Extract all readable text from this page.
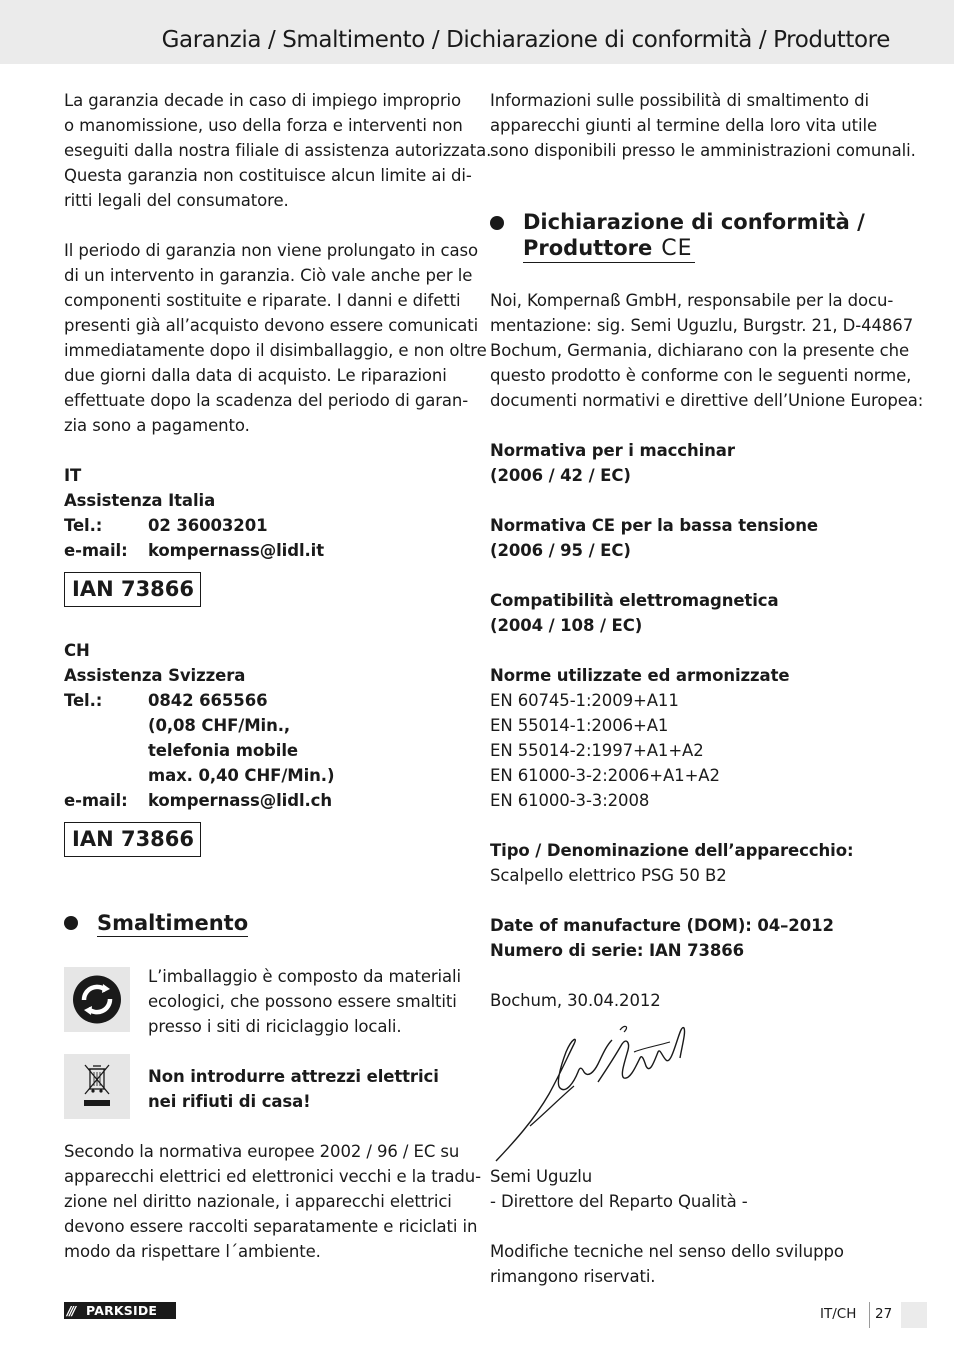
Garanzia / Smaltimento / Dichiarazione di conformità / Produttore
La garanzia decade in caso di impiego improprio
o manomissione, uso della forza e interventi non
eseguiti dalla nostra filiale di assistenza autorizzata.
Questa garanzia non costituisce alcun limite ai di-
ritti legali del consumatore.
Il periodo di garanzia non viene prolungato in caso
di un intervento in garanzia. Ciò vale anche per le
componenti sostituite e riparate. I danni e difetti
presenti già all’acquisto devono essere comunicati
immediatamente dopo il disimballaggio, e non oltre
due giorni dalla data di acquisto. Le riparazioni
effettuate dopo la scadenza del periodo di garan-
zia sono a pagamento.
IT
Assistenza Italia
Tel.:	02 36003201
e-mail: kompernass@lidl.it
IAN 73866
CH
Assistenza Svizzera
Tel.:	0842 665566
(0,08 CHF/Min.,
telefonia mobile
max. 0,40 CHF/Min.)
e-mail: kompernass@lidl.ch
IAN 73866
Smaltimento
L’imballaggio è composto da materiali
ecologici, che possono essere smaltiti
presso i siti di riciclaggio locali.
Non introdurre attrezzi elettrici
nei rifiuti di casa!
Secondo la normativa europee 2002 / 96 / EC su
apparecchi elettrici ed elettronici vecchi e la tradu-
zione nel diritto nazionale, i apparecchi elettrici
devono essere raccolti separatamente e riciclati in
modo da rispettare l´ambiente.
Informazioni sulle possibilità di smaltimento di
apparecchi giunti al termine della loro vita utile
sono disponibili presso le amministrazioni comunali.
Dichiarazione di conformità /
Produttore CE
Noi, Kompernaß GmbH, responsabile per la docu-
mentazione: sig. Semi Uguzlu, Burgstr. 21, D-44867
Bochum, Germania, dichiarano con la presente che
questo prodotto è conforme con le seguenti norme,
documenti normativi e direttive dell’Unione Europea:
Normativa per i macchinar
(2006 / 42 / EC)
Normativa CE per la bassa tensione
(2006 / 95 / EC)
Compatibilità elettromagnetica
(2004 / 108 / EC)
Norme utilizzate ed armonizzate
EN 60745-1:2009+A11
EN 55014-1:2006+A1
EN 55014-2:1997+A1+A2
EN 61000-3-2:2006+A1+A2
EN 61000-3-3:2008
Tipo / Denominazione dell’apparecchio:
Scalpello elettrico PSG 50 B2
Date of manufacture (DOM): 04–2012
Numero di serie: IAN 73866
Bochum, 30.04.2012
Semi Uguzlu
- Direttore del Reparto Qualità -
Modifiche tecniche nel senso dello sviluppo
rimangono riservati.
/// PARKSIDE	IT/CH 27
